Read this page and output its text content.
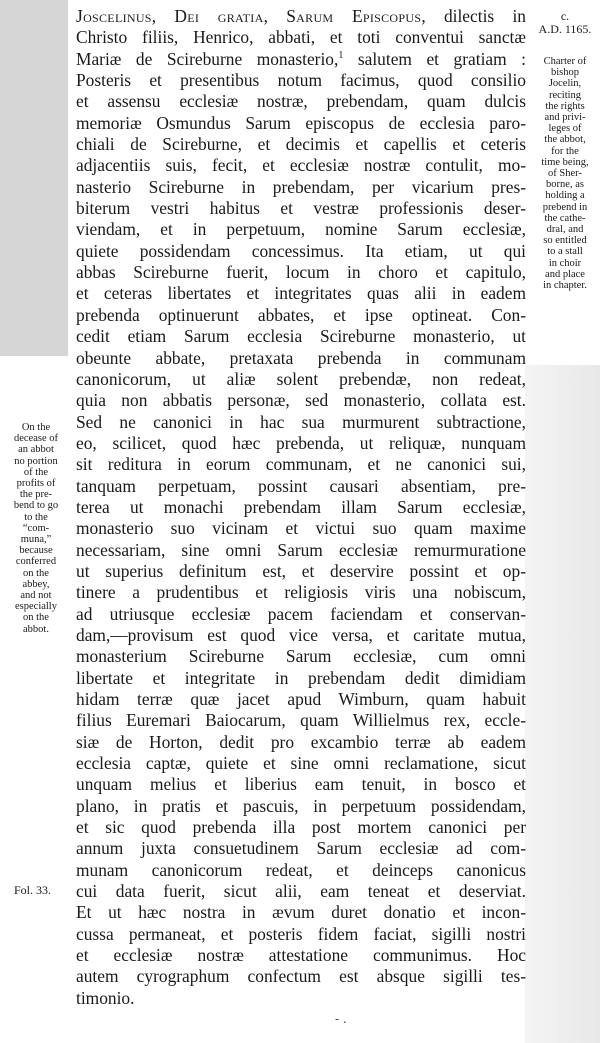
c.
A.D. 1165.
Charter of
bishop
Jocelin,
reciting
the rights
and privi-
leges of
the abbot,
for the
time being,
of Sher-
borne, as
holding a
prebend in
the cathe-
dral, and
so entitled
to a stall
in choir
and place
in chapter.
On the
decease of
an abbot
no portion
of the
profits of
the pre-
bend to go
to the
“com-
muna,”
because
conferred
on the
abbey,
and not
especially
on the
abbot.
Fol. 33.
Joscelinus, Dei gratia, Sarum Episcopus, dilectis in
Christo filiis, Henrico, abbati, et toti conventui sanctæ
Mariæ de Scireburne monasterio,$^1$ salutem et gratiam :
Posteris et presentibus notum facimus, quod consilio
et assensu ecclesiæ nostræ, prebendam, quam dulcis
memoriæ Osmundus Sarum episcopus de ecclesia paro-
chiali de Scireburne, et decimis et capellis et ceteris
adjacentiis suis, fecit, et ecclesiæ nostræ contulit, mo-
nasterio Scireburne in prebendam, per vicarium pres-
biterum vestri habitus et vestræ professionis deser-
viendam, et in perpetuum, nomine Sarum ecclesiæ,
quiete possidendam concessimus. Ita etiam, ut qui
abbas Scireburne fuerit, locum in choro et capitulo,
et ceteras libertates et integritates quas alii in eadem
prebenda optinuerunt abbates, et ipse optineat. Con-
cedit etiam Sarum ecclesia Scireburne monasterio, ut
obeunte abbate, pretaxata prebenda in communam
canonicorum, ut aliæ solent prebendæ, non redeat,
quia non abbatis personæ, sed monasterio, collata est.
Sed ne canonici in hac sua murmurent subtractione,
eo, scilicet, quod hæc prebenda, ut reliquæ, nunquam
sit reditura in eorum communam, et ne canonici sui,
tanquam perpetuam, possint causari absentiam, pre-
terea ut monachi prebendam illam Sarum ecclesiæ,
monasterio suo vicinam et victui suo quam maxime
necessariam, sine omni Sarum ecclesiæ remurmuratione
ut superius definitum est, et deservire possint et op-
tinere a prudentibus et religiosis viris una nobiscum,
ad utriusque ecclesiæ pacem faciendam et conservan-
dam,—provisum est quod vice versa, et caritate mutua,
monasterium Scireburne Sarum ecclesiæ, cum omni
libertate et integritate in prebendam dedit dimidiam
hidam terræ quæ jacet apud Wimburn, quam habuit
filius Euremari Baiocarum, quam Willielmus rex, eccle-
siæ de Horton, dedit pro excambio terræ ab eadem
ecclesia captæ, quiete et sine omni reclamatione, sicut
unquam melius et liberius eam tenuit, in bosco et
plano, in pratis et pascuis, in perpetuum possidendam,
et sic quod prebenda illa post mortem canonici per
annum juxta consuetudinem Sarum ecclesiæ ad com-
munam canonicorum redeat, et deinceps canonicus
cui data fuerit, sicut alii, eam teneat et deserviat.
Et ut hæc nostra in ævum duret donatio et incon-
cussa permaneat, et posteris fidem faciat, sigilli nostri
et ecclesiæ nostræ attestatione communimus. Hoc
autem cyrographum confectum est absque sigilli tes-
timonio.
- .
